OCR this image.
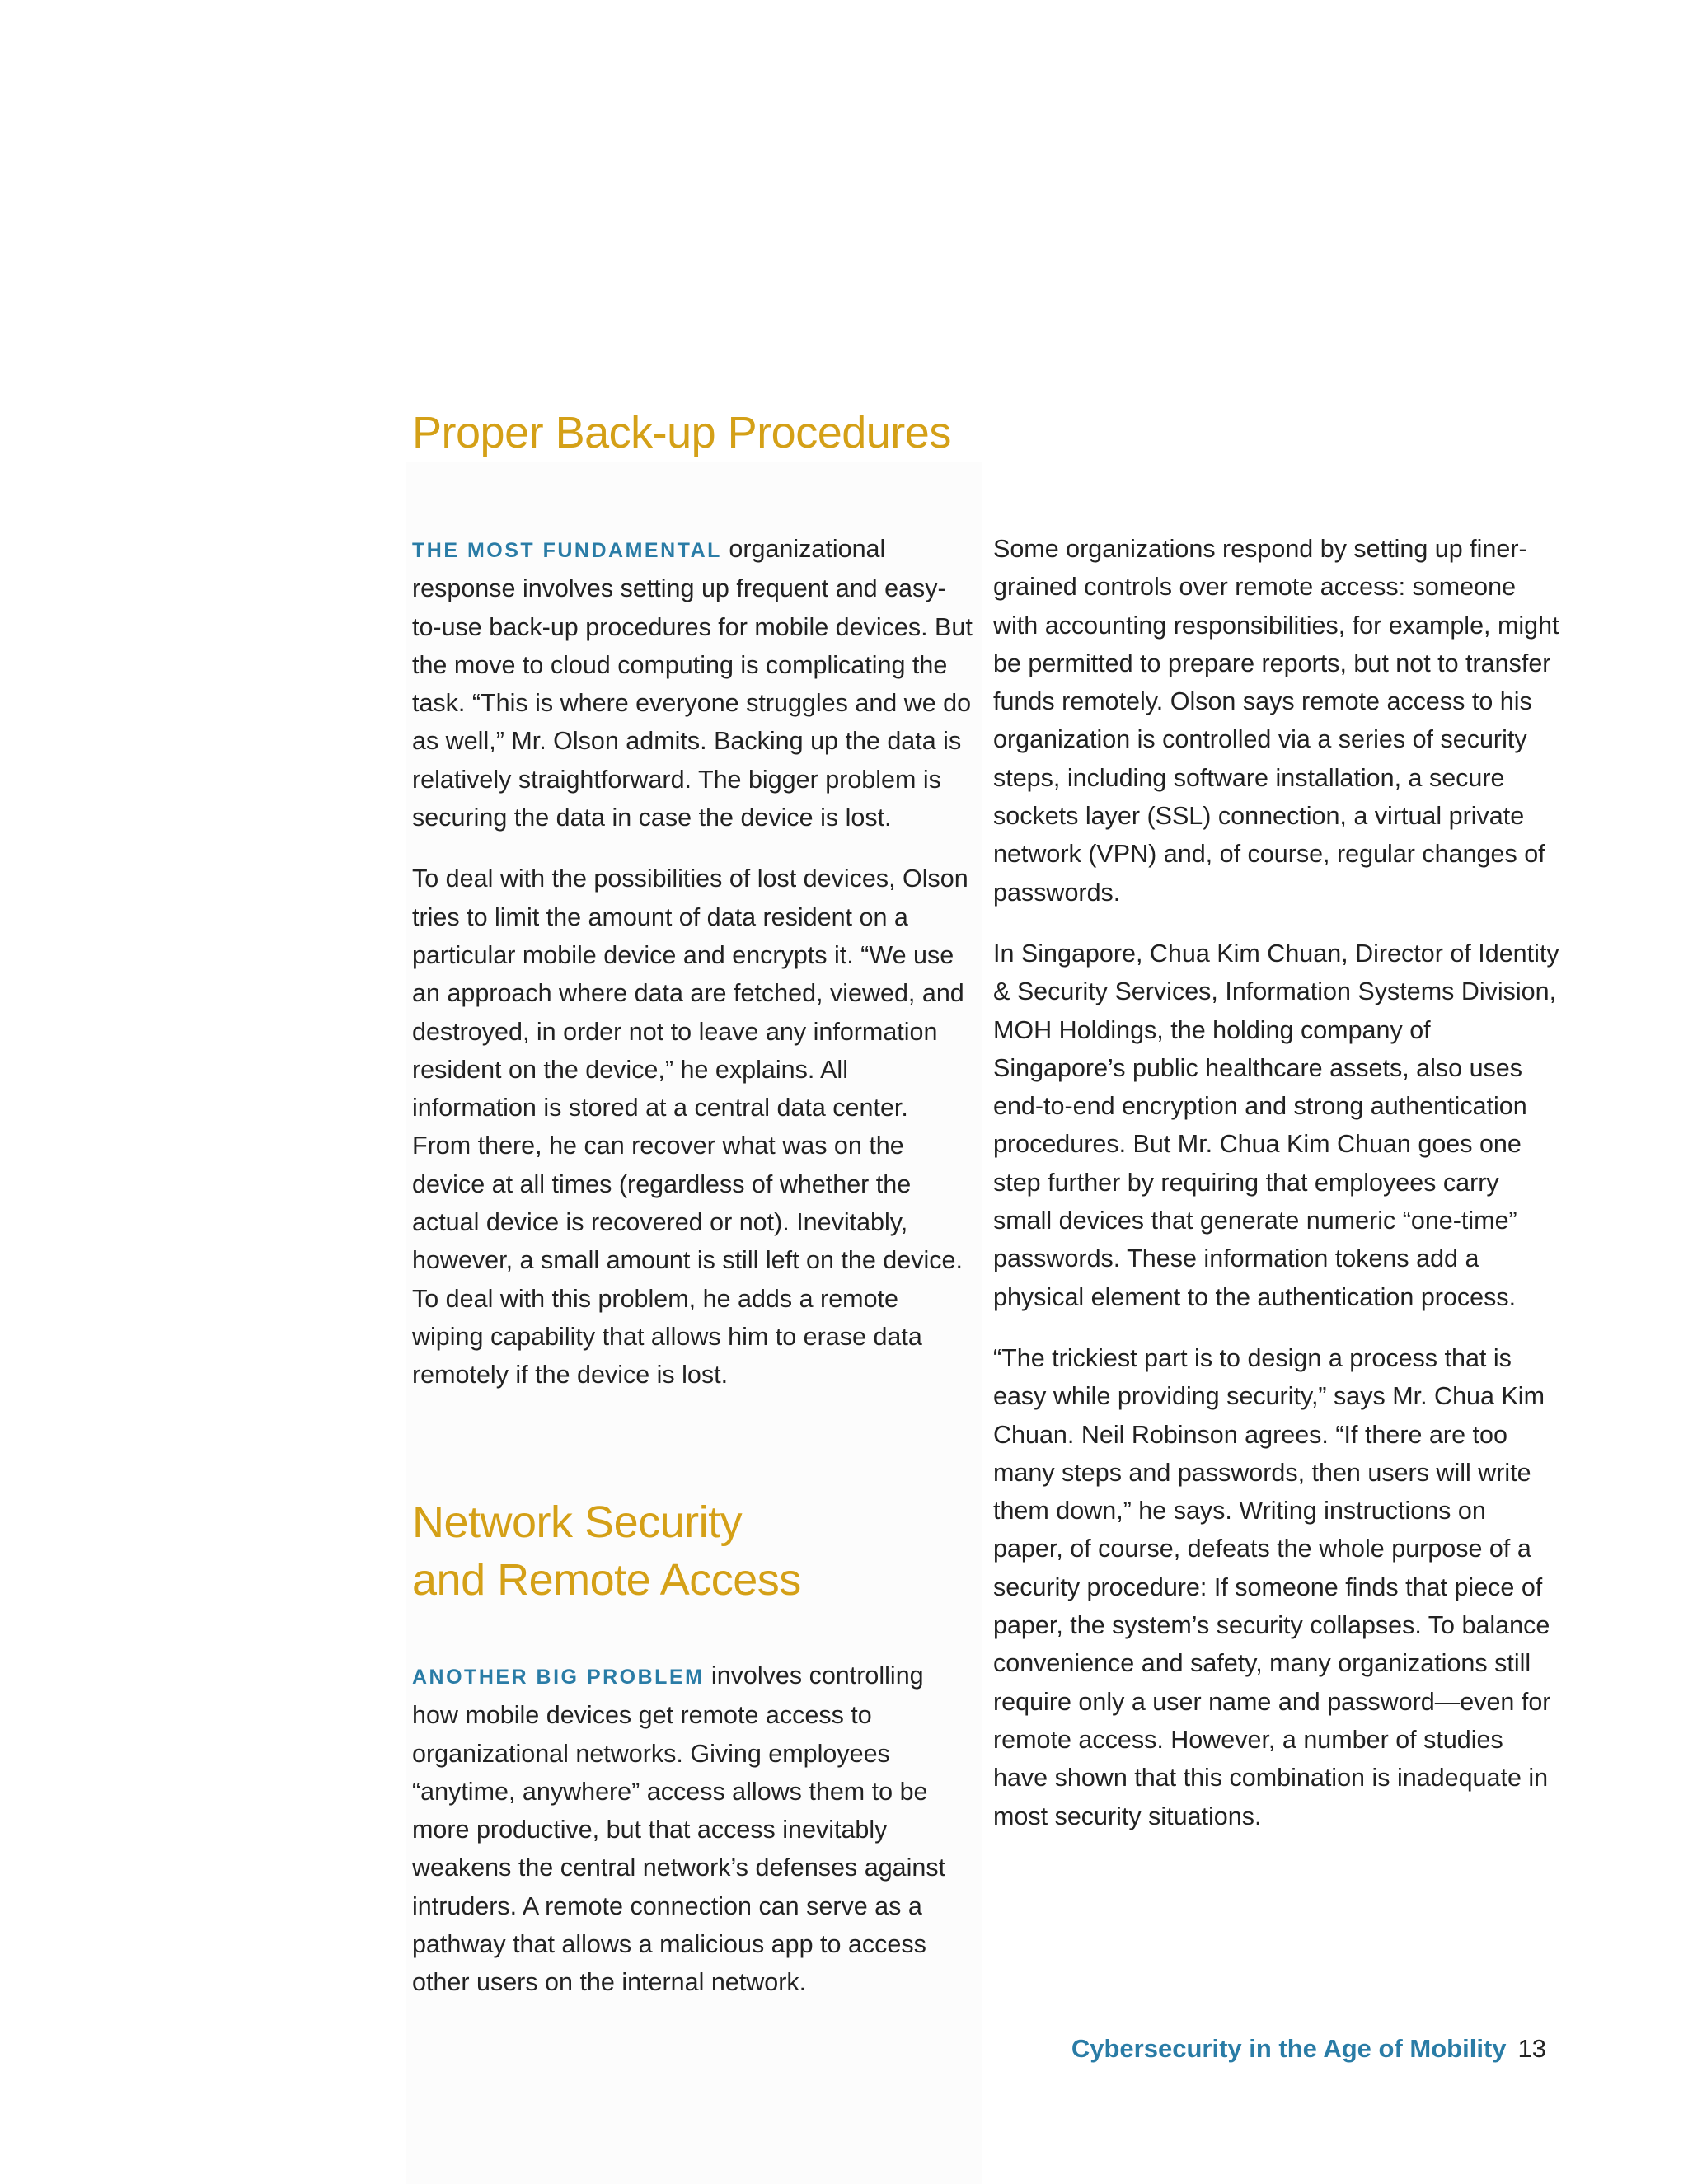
Proper Back-up Procedures

THE MOST FUNDAMENTAL organizational response involves setting up frequent and easy-to-use back-up procedures for mobile devices. But the move to cloud computing is complicating the task. “This is where everyone struggles and we do as well,” Mr. Olson admits. Backing up the data is relatively straightforward. The bigger problem is securing the data in case the device is lost.

To deal with the possibilities of lost devices, Olson tries to limit the amount of data resident on a particular mobile device and encrypts it. “We use an approach where data are fetched, viewed, and destroyed, in order not to leave any information resident on the device,” he explains. All information is stored at a central data center. From there, he can recover what was on the device at all times (regardless of whether the actual device is recovered or not). Inevitably, however, a small amount is still left on the device. To deal with this problem, he adds a remote wiping capability that allows him to erase data remotely if the device is lost.

Network Security
and Remote Access

ANOTHER BIG PROBLEM involves controlling how mobile devices get remote access to organizational networks. Giving employees “anytime, anywhere” access allows them to be more productive, but that access inevitably weakens the central network’s defenses against intruders. A remote connection can serve as a pathway that allows a malicious app to access other users on the internal network.

Some organizations respond by setting up finer-grained controls over remote access: someone with accounting responsibilities, for example, might be permitted to prepare reports, but not to transfer funds remotely. Olson says remote access to his organization is controlled via a series of security steps, including software installation, a secure sockets layer (SSL) connection, a virtual private network (VPN) and, of course, regular changes of passwords.

In Singapore, Chua Kim Chuan, Director of Identity & Security Services, Information Systems Division, MOH Holdings, the holding company of Singapore’s public healthcare assets, also uses end-to-end encryption and strong authentication procedures. But Mr. Chua Kim Chuan goes one step further by requiring that employees carry small devices that generate numeric “one-time” passwords. These information tokens add a physical element to the authentication process.

“The trickiest part is to design a process that is easy while providing security,” says Mr. Chua Kim Chuan. Neil Robinson agrees. “If there are too many steps and passwords, then users will write them down,” he says. Writing instructions on paper, of course, defeats the whole purpose of a security procedure: If someone finds that piece of paper, the system’s security collapses. To balance convenience and safety, many organizations still require only a user name and password—even for remote access. However, a number of studies have shown that this combination is inadequate in most security situations.

Cybersecurity in the Age of Mobility 13
